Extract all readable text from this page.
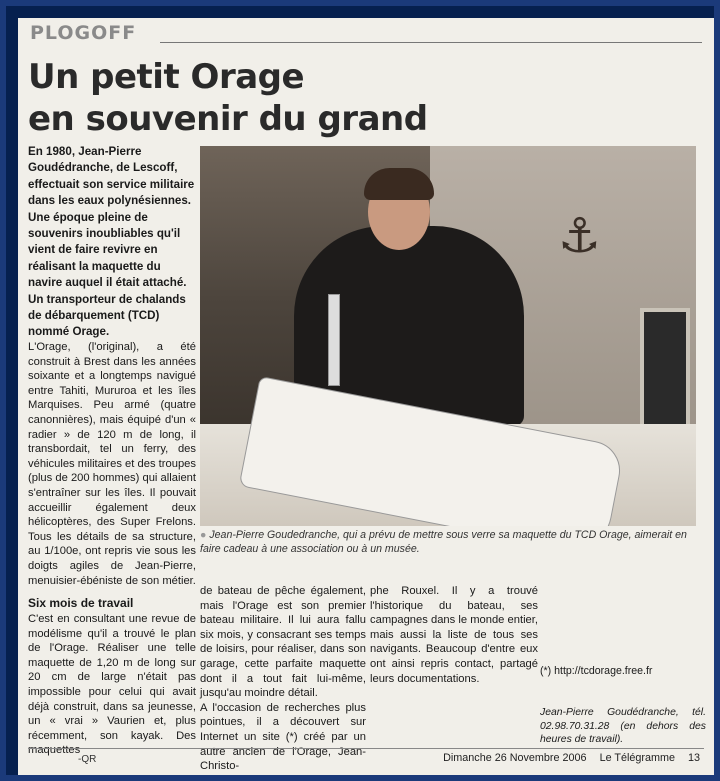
PLOGOFF
Un petit Orage
en souvenir du grand
En 1980, Jean-Pierre Goudédranche, de Lescoff, effectuait son service militaire dans les eaux polynésiennes. Une époque pleine de souvenirs inoubliables qu'il vient de faire revivre en réalisant la maquette du navire auquel il était attaché. Un transporteur de chalands de débarquement (TCD) nommé Orage.

L'Orage, (l'original), a été construit à Brest dans les années soixante et a longtemps navigué entre Tahiti, Mururoa et les îles Marquises. Peu armé (quatre canonnières), mais équipé d'un « radier » de 120 m de long, il transbordait, tel un ferry, des véhicules militaires et des troupes (plus de 200 hommes) qui allaient s'entraîner sur les îles. Il pouvait accueillir également deux hélicoptères, des Super Frelons. Tous les détails de sa structure, au 1/100e, ont repris vie sous les doigts agiles de Jean-Pierre, menuisier-ébéniste de son métier.

Six mois de travail

C'est en consultant une revue de modélisme qu'il a trouvé le plan de l'Orage. Réaliser une telle maquette de 1,20 m de long sur 20 cm de large n'était pas impossible pour celui qui avait déjà construit, dans sa jeunesse, un « vrai » Vaurien et, plus récemment, son kayak. Des maquettes

⚓
● Jean-Pierre Goudedranche, qui a prévu de mettre sous verre sa maquette du TCD Orage, aimerait en faire cadeau à une association ou à un musée.

de bateau de pêche également, mais l'Orage est son premier bateau militaire. Il lui aura fallu six mois, y consacrant ses temps de loisirs, pour réaliser, dans son garage, cette parfaite maquette dont il a tout fait lui-même, jusqu'au moindre détail.

A l'occasion de recherches plus pointues, il a découvert sur Internet un site (*) créé par un autre ancien de l'Orage, Jean-Christo-

phe Rouxel. Il y a trouvé l'historique du bateau, ses campagnes dans le monde entier, mais aussi la liste de tous ses navigants. Beaucoup d'entre eux ont ainsi repris contact, partagé leurs documentations.

(*) http://tcdorage.free.fr
Jean-Pierre Goudédranche, tél. 02.98.70.31.28 (en dehors des heures de travail).
-QR	Dimanche 26 Novembre 2006 Le Télégramme 13
